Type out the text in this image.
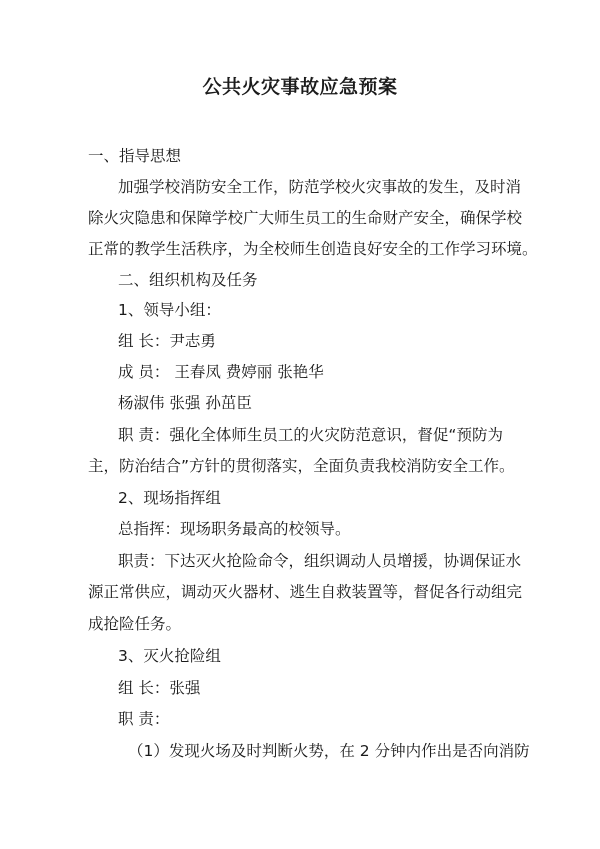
公共火灾事故应急预案
一、指导思想
加强学校消防安全工作，防范学校火灾事故的发生，及时消
除火灾隐患和保障学校广大师生员工的生命财产安全，确保学校
正常的教学生活秩序，为全校师生创造良好安全的工作学习环境。
二、组织机构及任务
1、领导小组：
组 长：尹志勇
成 员： 王春凤 费婷丽 张艳华
杨淑伟 张强 孙茁臣
职 责：强化全体师生员工的火灾防范意识，督促“预防为
主，防治结合”方针的贯彻落实，全面负责我校消防安全工作。
2、现场指挥组
总指挥：现场职务最高的校领导。
职责：下达灭火抢险命令，组织调动人员增援，协调保证水
源正常供应，调动灭火器材、逃生自救装置等，督促各行动组完
成抢险任务。
3、灭火抢险组
组 长：张强
职 责：
（1）发现火场及时判断火势，在 2 分钟内作出是否向消防
